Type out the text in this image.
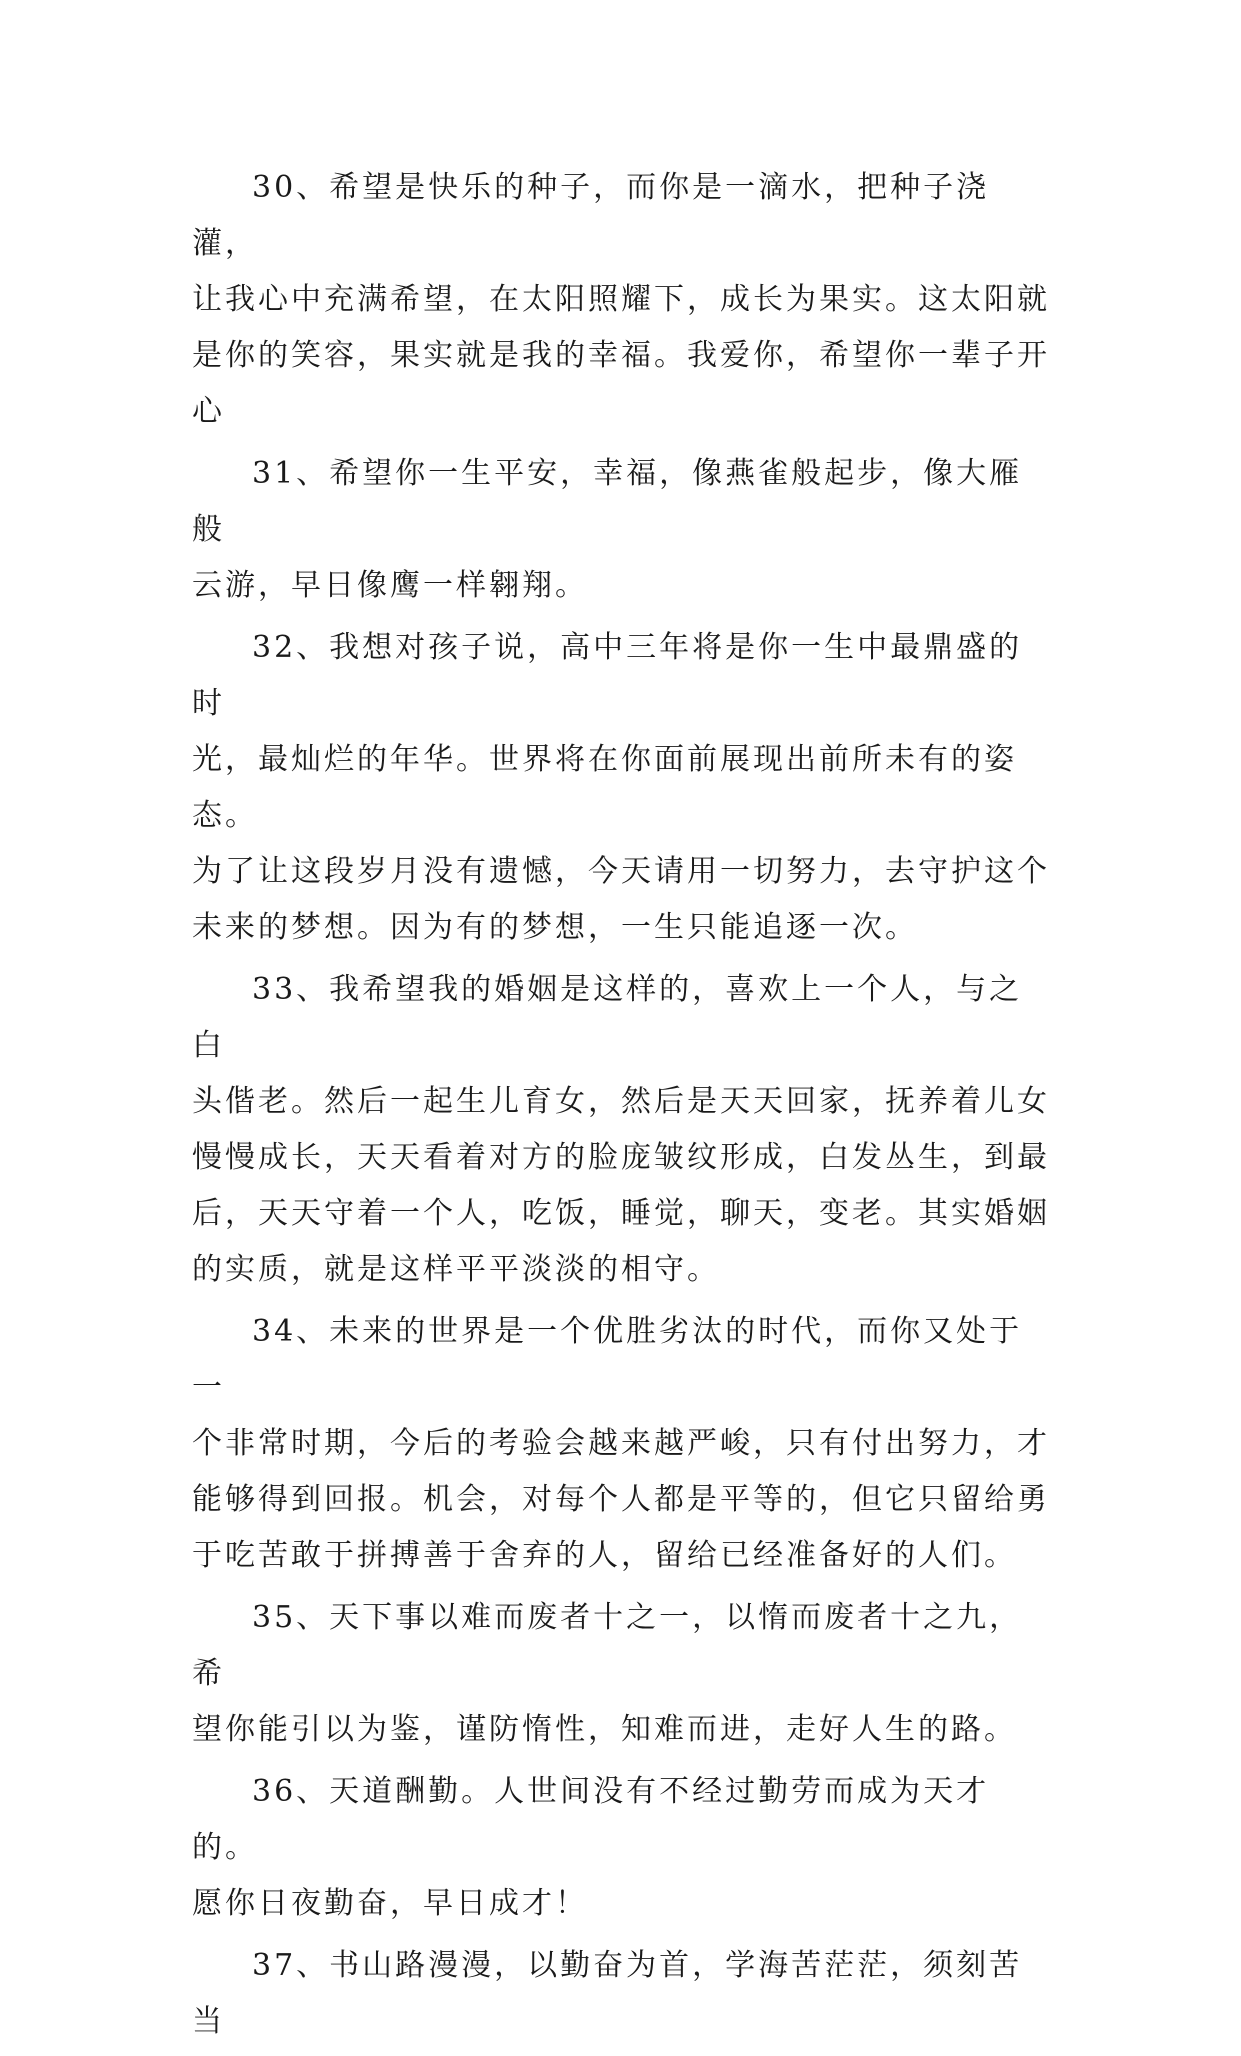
30、希望是快乐的种子，而你是一滴水，把种子浇灌，
让我心中充满希望，在太阳照耀下，成长为果实。这太阳就
是你的笑容，果实就是我的幸福。我爱你，希望你一辈子开
心

31、希望你一生平安，幸福，像燕雀般起步，像大雁般
云游，早日像鹰一样翱翔。

32、我想对孩子说，高中三年将是你一生中最鼎盛的时
光，最灿烂的年华。世界将在你面前展现出前所未有的姿态。
为了让这段岁月没有遗憾，今天请用一切努力，去守护这个
未来的梦想。因为有的梦想，一生只能追逐一次。

33、我希望我的婚姻是这样的，喜欢上一个人，与之白
头偕老。然后一起生儿育女，然后是天天回家，抚养着儿女
慢慢成长，天天看着对方的脸庞皱纹形成，白发丛生，到最
后，天天守着一个人，吃饭，睡觉，聊天，变老。其实婚姻
的实质，就是这样平平淡淡的相守。

34、未来的世界是一个优胜劣汰的时代，而你又处于一
个非常时期，今后的考验会越来越严峻，只有付出努力，才
能够得到回报。机会，对每个人都是平等的，但它只留给勇
于吃苦敢于拼搏善于舍弃的人，留给已经准备好的人们。

35、天下事以难而废者十之一，以惰而废者十之九，希
望你能引以为鉴，谨防惰性，知难而进，走好人生的路。

36、天道酬勤。人世间没有不经过勤劳而成为天才的。
愿你日夜勤奋，早日成才！

37、书山路漫漫，以勤奋为首，学海苦茫茫，须刻苦当
